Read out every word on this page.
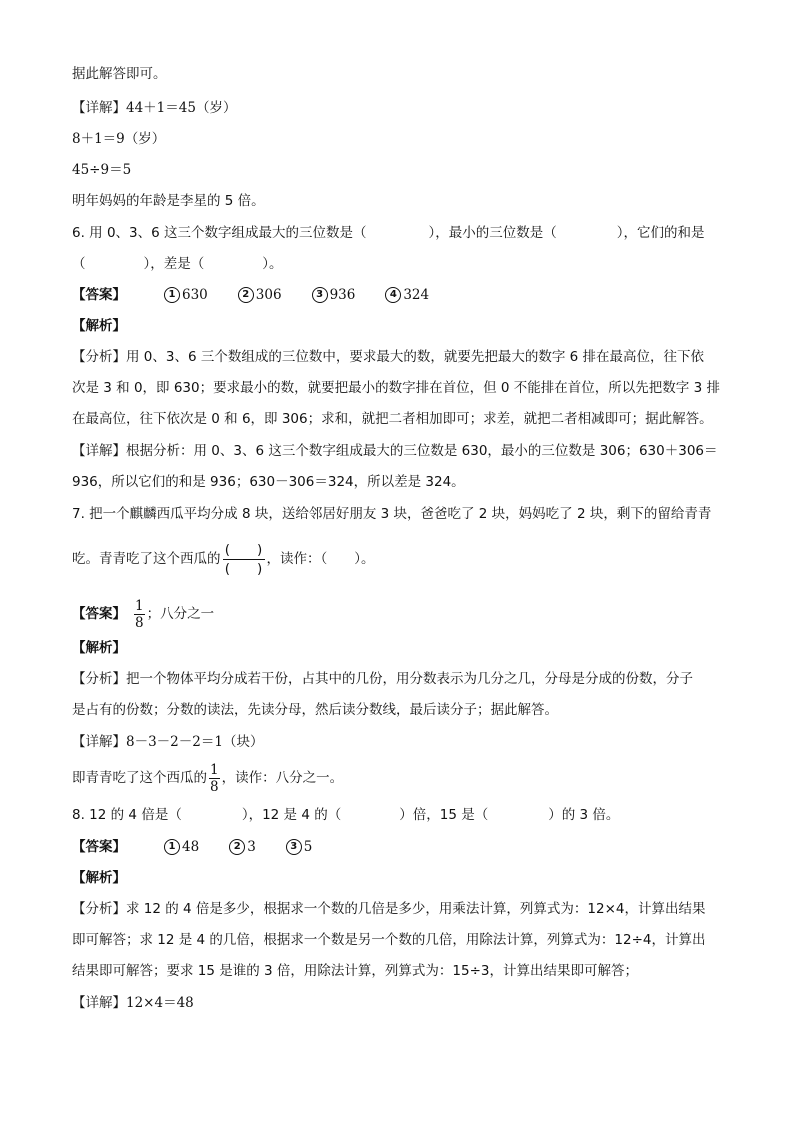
据此解答即可。
【详解】44＋1＝45（岁）
8＋1＝9（岁）
45÷9＝5
明年妈妈的年龄是李星的 5 倍。
6. 用 0、3、6 这三个数字组成最大的三位数是（	），最小的三位数是（	），它们的和是
（	），差是（	）。
【答案】	1 630	2 306	3 936	4 324
【解析】
【分析】用 0、3、6 三个数组成的三位数中，要求最大的数，就要先把最大的数字 6 排在最高位，往下依
次是 3 和 0，即 630；要求最小的数，就要把最小的数字排在首位，但 0 不能排在首位，所以先把数字 3 排
在最高位，往下依次是 0 和 6，即 306；求和，就把二者相加即可；求差，就把二者相减即可；据此解答。
【详解】根据分析：用 0、3、6 这三个数字组成最大的三位数是 630，最小的三位数是 306；630＋306＝
936，所以它们的和是 936；630－306＝324，所以差是 324。
7. 把一个麒麟西瓜平均分成 8 块，送给邻居好朋友 3 块，爸爸吃了 2 块，妈妈吃了 2 块，剩下的留给青青
吃。青青吃了这个西瓜的
(　　)
(　　)
，读作：（　　）。
【答案】 $\frac{1}{8}$ ；八分之一
【解析】
【分析】把一个物体平均分成若干份，占其中的几份，用分数表示为几分之几，分母是分成的份数，分子
是占有的份数；分数的读法，先读分母，然后读分数线，最后读分子；据此解答。
【详解】8－3－2－2＝1（块）
即青青吃了这个西瓜的 $\frac{1}{8}$ ，读作：八分之一。
8. 12 的 4 倍是（	），12 是 4 的（	）倍，15 是（	）的 3 倍。
【答案】	1 48	2 3	3 5
【解析】
【分析】求 12 的 4 倍是多少，根据求一个数的几倍是多少，用乘法计算，列算式为：12×4，计算出结果
即可解答；求 12 是 4 的几倍，根据求一个数是另一个数的几倍，用除法计算，列算式为：12÷4，计算出
结果即可解答；要求 15 是谁的 3 倍，用除法计算，列算式为：15÷3，计算出结果即可解答；
【详解】12×4＝48
